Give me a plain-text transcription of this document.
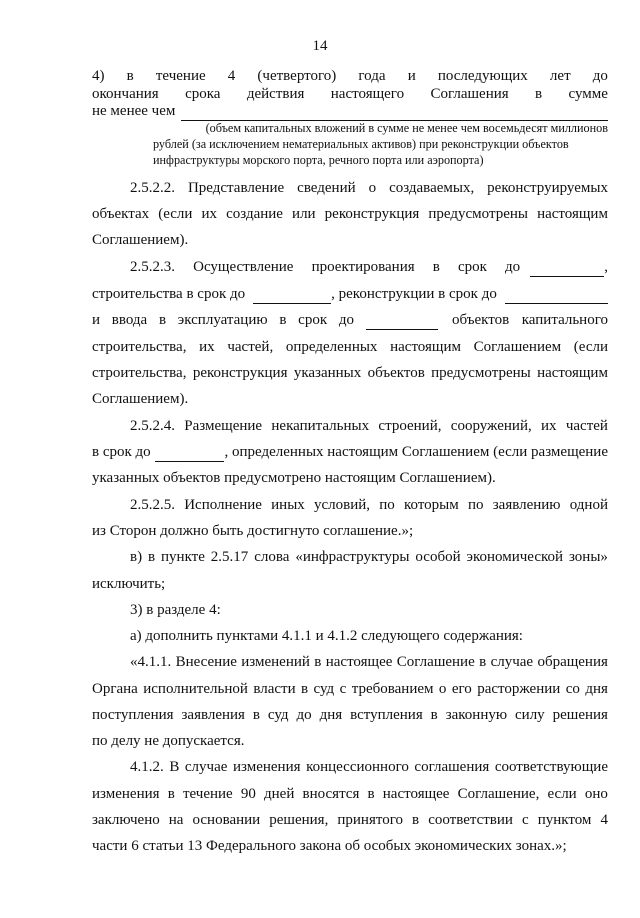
14
4) в течение 4 (четвертого) года и последующих лет до
окончания срока действия настоящего Соглашения в сумме
не менее чем
(объем капитальных вложений в сумме не менее чем восемьдесят миллионов
рублей (за исключением нематериальных активов) при реконструкции объектов
инфраструктуры морского порта, речного порта или аэропорта)
2.5.2.2. Представление сведений о создаваемых, реконструируемых
объектах (если их создание или реконструкция предусмотрены настоящим
Соглашением).
2.5.2.3. Осуществление проектирования в срок до	,
строительства в срок до	, реконструкции в срок до
и ввода в эксплуатацию в срок до	объектов капитального
строительства, их частей, определенных настоящим Соглашением (если
строительства, реконструкция указанных объектов предусмотрены настоящим
Соглашением).
2.5.2.4. Размещение некапитальных строений, сооружений, их частей
в срок до	, определенных настоящим Соглашением (если размещение
указанных объектов предусмотрено настоящим Соглашением).
2.5.2.5. Исполнение иных условий, по которым по заявлению одной
из Сторон должно быть достигнуто соглашение.»;
в) в пункте 2.5.17 слова «инфраструктуры особой экономической зоны»
исключить;
3) в разделе 4:
а) дополнить пунктами 4.1.1 и 4.1.2 следующего содержания:
«4.1.1. Внесение изменений в настоящее Соглашение в случае обращения
Органа исполнительной власти в суд с требованием о его расторжении со дня
поступления заявления в суд до дня вступления в законную силу решения
по делу не допускается.
4.1.2. В случае изменения концессионного соглашения соответствующие
изменения в течение 90 дней вносятся в настоящее Соглашение, если оно
заключено на основании решения, принятого в соответствии с пунктом 4
части 6 статьи 13 Федерального закона об особых экономических зонах.»;
